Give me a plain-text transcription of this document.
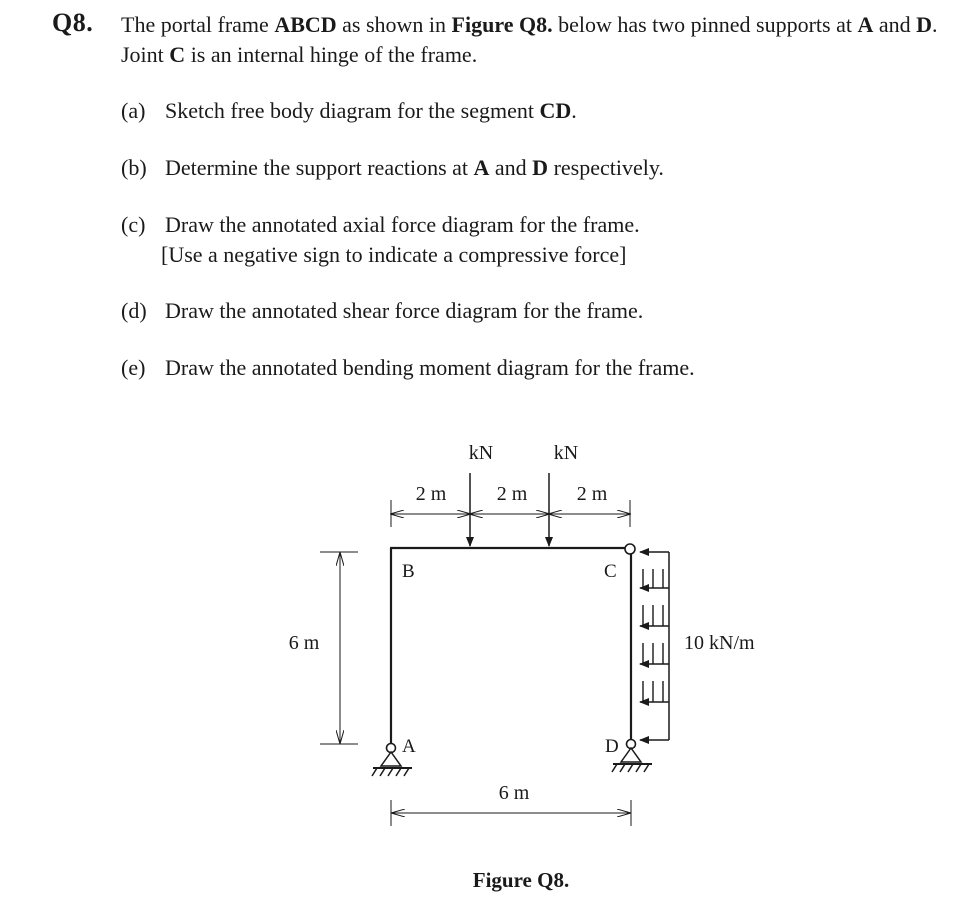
Q8. The portal frame ABCD as shown in Figure Q8. below has two pinned supports at A and D. Joint C is an internal hinge of the frame.
(a) Sketch free body diagram for the segment CD.
(b) Determine the support reactions at A and D respectively.
(c) Draw the annotated axial force diagram for the frame.
[Use a negative sign to indicate a compressive force]
(d) Draw the annotated shear force diagram for the frame.
(e) Draw the annotated bending moment diagram for the frame.
kN	kN
2 m	2 m 2 m
6 m
6 m
10 kN/m
B	C
A	D
Figure Q8.
